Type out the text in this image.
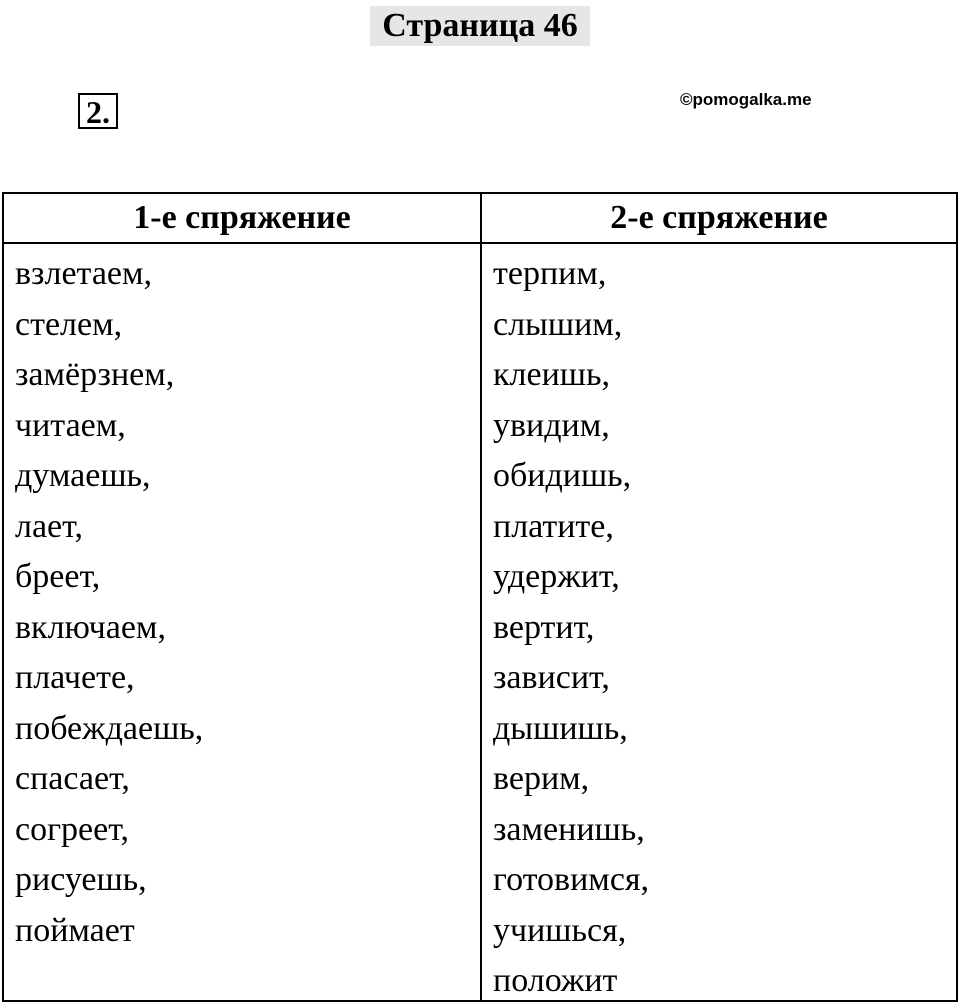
Страница 46
2.	©pomogalka.me
1-е спряжение
взлетаем,
стелем,
замёрзнем,
читаем,
думаешь,
лает,
бреет,
включаем,
плачете,
побеждаешь,
спасает,
согреет,
рисуешь,
поймает
2-е спряжение
терпим,
слышим,
клеишь,
увидим,
обидишь,
платите,
удержит,
вертит,
зависит,
дышишь,
верим,
заменишь,
готовимся,
учишься,
положит
